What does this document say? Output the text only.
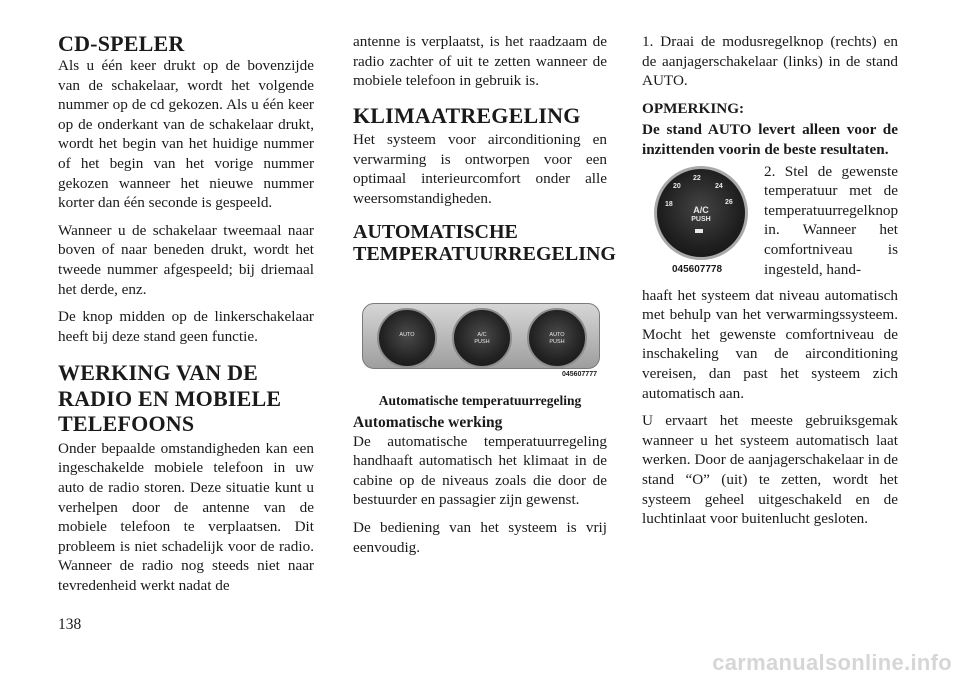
CD-SPELER

Als u één keer drukt op de bovenzijde van de schakelaar, wordt het volgende nummer op de cd gekozen. Als u één keer op de onderkant van de schakelaar drukt, wordt het begin van het huidige nummer of het begin van het vorige nummer gekozen wanneer het nieuwe nummer korter dan één seconde is gespeeld.

Wanneer u de schakelaar tweemaal naar boven of naar beneden drukt, wordt het tweede nummer afgespeeld; bij driemaal het derde, enz.

De knop midden op de linkerschakelaar heeft bij deze stand geen functie.

WERKING VAN DE RADIO EN MOBIELE TELEFOONS

Onder bepaalde omstandigheden kan een ingeschakelde mobiele telefoon in uw auto de radio storen. Deze situatie kunt u verhelpen door de antenne van de mobiele telefoon te verplaatsen. Dit probleem is niet schadelijk voor de radio. Wanneer de radio nog steeds niet naar tevredenheid werkt nadat de

antenne is verplaatst, is het raadzaam de radio zachter of uit te zetten wanneer de mobiele telefoon in gebruik is.

KLIMAATREGELING

Het systeem voor airconditioning en verwarming is ontworpen voor een optimaal interieurcomfort onder alle weersomstandigheden.

AUTOMATISCHE TEMPERATUURREGELING
AUTO	A/C
PUSH
AUTO
PUSH
045607777
Automatische temperatuurregeling
Automatische werking

De automatische temperatuurregeling handhaaft automatisch het klimaat in de cabine op de niveaus zoals die door de bestuurder en passagier zijn gewenst.

De bediening van het systeem is vrij eenvoudig.

1. Draai de modusregelknop (rechts) en de aanjagerschakelaar (links) in de stand AUTO.

OPMERKING:

De stand AUTO levert alleen voor de inzittenden voorin de beste resultaten.

20
22
24
26
18
A/C
PUSH
045607778
2. Stel de gewenste temperatuur met de temperatuurregelknop in. Wanneer het comfortniveau is ingesteld, hand-

haaft het systeem dat niveau automatisch met behulp van het verwarmingssysteem. Mocht het gewenste comfortniveau de inschakeling van de airconditioning vereisen, dan past het systeem zich automatisch aan.

U ervaart het meeste gebruiksgemak wanneer u het systeem automatisch laat werken. Door de aanjagerschakelaar in de stand “O” (uit) te zetten, wordt het systeem geheel uitgeschakeld en de luchtinlaat voor buitenlucht gesloten.

138
carmanualsonline.info
